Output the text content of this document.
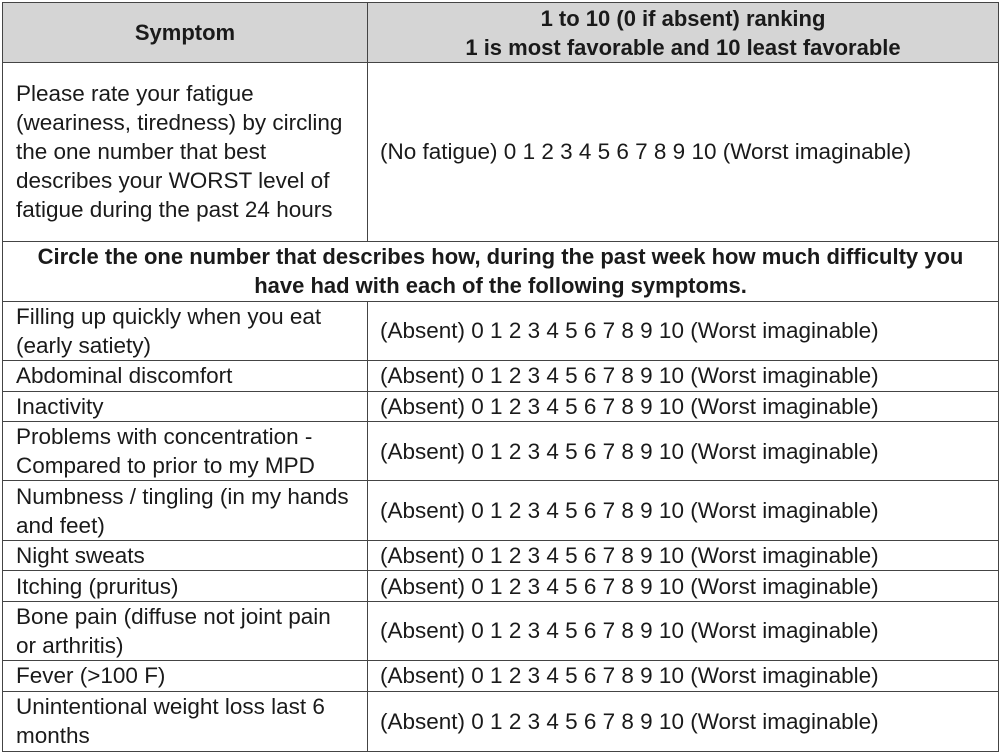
Symptom	1 to 10 (0 if absent) ranking
1 is most favorable and 10 least favorable

Please rate your fatigue (weariness, tiredness) by circling the one number that best describes your WORST level of fatigue during the past 24 hours	(No fatigue) 0 1 2 3 4 5 6 7 8 9 10 (Worst imaginable)
Circle the one number that describes how, during the past week how much difficulty you have had with each of the following symptoms.	
Filling up quickly when you eat (early satiety)	(Absent) 0 1 2 3 4 5 6 7 8 9 10 (Worst imaginable)
Abdominal discomfort	(Absent) 0 1 2 3 4 5 6 7 8 9 10 (Worst imaginable)
Inactivity	(Absent) 0 1 2 3 4 5 6 7 8 9 10 (Worst imaginable)
Problems with concentration - Compared to prior to my MPD	(Absent) 0 1 2 3 4 5 6 7 8 9 10 (Worst imaginable)
Numbness / tingling (in my hands and feet)	(Absent) 0 1 2 3 4 5 6 7 8 9 10 (Worst imaginable)
Night sweats	(Absent) 0 1 2 3 4 5 6 7 8 9 10 (Worst imaginable)
Itching (pruritus)	(Absent) 0 1 2 3 4 5 6 7 8 9 10 (Worst imaginable)
Bone pain (diffuse not joint pain or arthritis)	(Absent) 0 1 2 3 4 5 6 7 8 9 10 (Worst imaginable)
Fever (>100 F)	(Absent) 0 1 2 3 4 5 6 7 8 9 10 (Worst imaginable)
Unintentional weight loss last 6 months	(Absent) 0 1 2 3 4 5 6 7 8 9 10 (Worst imaginable)
